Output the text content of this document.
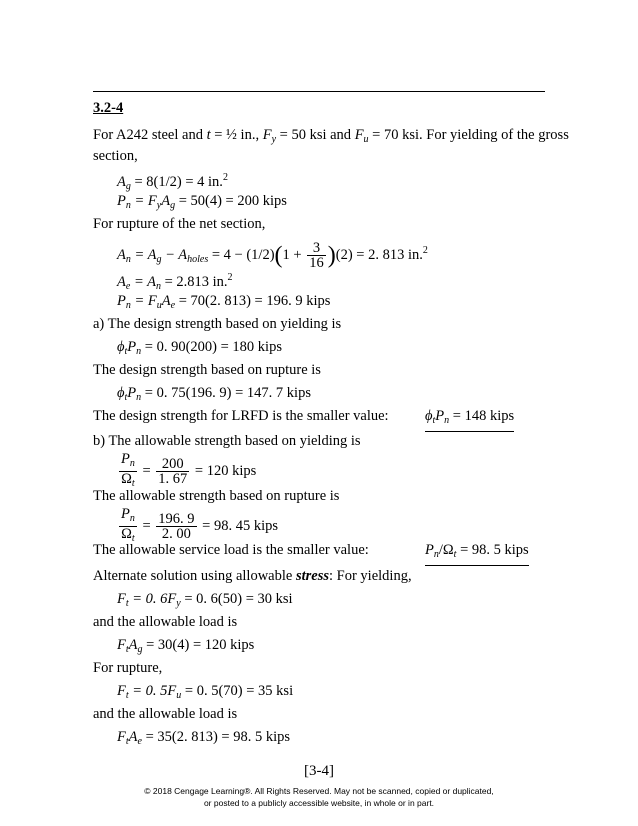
3.2-4
For A242 steel and t = ½ in., $F_y = 50$ ksi and $F_u = 70$ ksi. For yielding of the gross
section,
$A_g = 8(1/2) = 4$ in.$^2$
$P_n = F_yA_g = 50(4) = 200$ kips
For rupture of the net section,
$A_n = A_g - A_{holes} = 4 - (1/2)(1 + \frac{3}{16} )(2) = 2$. 813 in.$^2$
$A_e = A_n = 2.813$ in.$^2$
$P_n = F_uA_e = 70(2$. 813) = 196. 9 kips
a) The design strength based on yielding is
$\phi_tP_n = 0$. 90(200) = 180 kips
The design strength based on rupture is
$\phi_tP_n = 0$. 75(196. 9) = 147. 7 kips
The design strength for LRFD is the smaller value:	$\phi_tP_n = 148$ kips
b) The allowable strength based on yielding is
$\frac{P_n}{\Omega_t} = \frac{200}{1. 67} = 120$ kips
The allowable strength based on rupture is
$\frac{P_n}{\Omega_t} = \frac{196. 9}{2. 00} = 98$. 45 kips
The allowable service load is the smaller value:	$P_n/\Omega_t = 98$. 5 kips
Alternate solution using allowable stress: For yielding,
$F_t = 0$. $6F_y = 0$. 6(50) = 30 ksi
and the allowable load is
$F_tA_g = 30(4) = 120$ kips
For rupture,
$F_t = 0$. $5F_u = 0$. 5(70) = 35 ksi
and the allowable load is
$F_tA_e = 35(2$. 813) = 98. 5 kips
[3-4]
© 2018 Cengage Learning®. All Rights Reserved. May not be scanned, copied or duplicated,
or posted to a publicly accessible website, in whole or in part.
